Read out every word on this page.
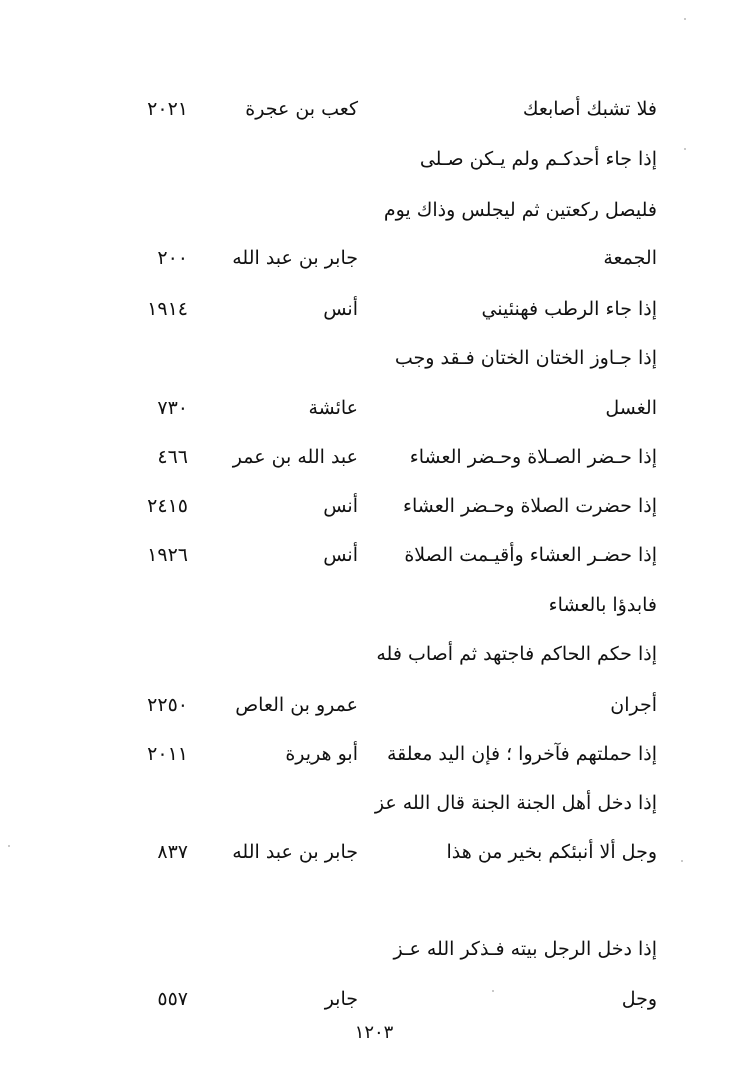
فلا تشبك أصابعك
كعب بن عجرة
٢٠٢١
إذا جاء أحدكـم ولم يـكن صـلى
فليصل ركعتين ثم ليجلس وذاك يوم
الجمعة
جابر بن عبد الله
٢٠٠
إذا جاء الرطب فهنئيني
أنس
١٩١٤
إذا جـاوز الختان الختان فـقد وجب
الغسل
عائشة
٧٣٠
إذا حـضر الصـلاة وحـضر العشاء
عبد الله بن عمر
٤٦٦
إذا حضرت الصلاة وحـضر العشاء
أنس
٢٤١٥
إذا حضـر العشاء وأقيـمت الصلاة
أنس
١٩٢٦
فابدؤا بالعشاء
إذا حكم الحاكم فاجتهد ثم أصاب فله
أجران
عمرو بن العاص
٢٢٥٠
إذا حملتهم فآخروا ؛ فإن اليد معلقة
أبو هريرة
٢٠١١
إذا دخل أهل الجنة الجنة قال الله عز
وجل ألا أنبئكم بخير من هذا
جابر بن عبد الله
٨٣٧
إذا دخل الرجل بيته فـذكر الله عـز
وجل
جابر
٥٥٧
١٢٠٣
